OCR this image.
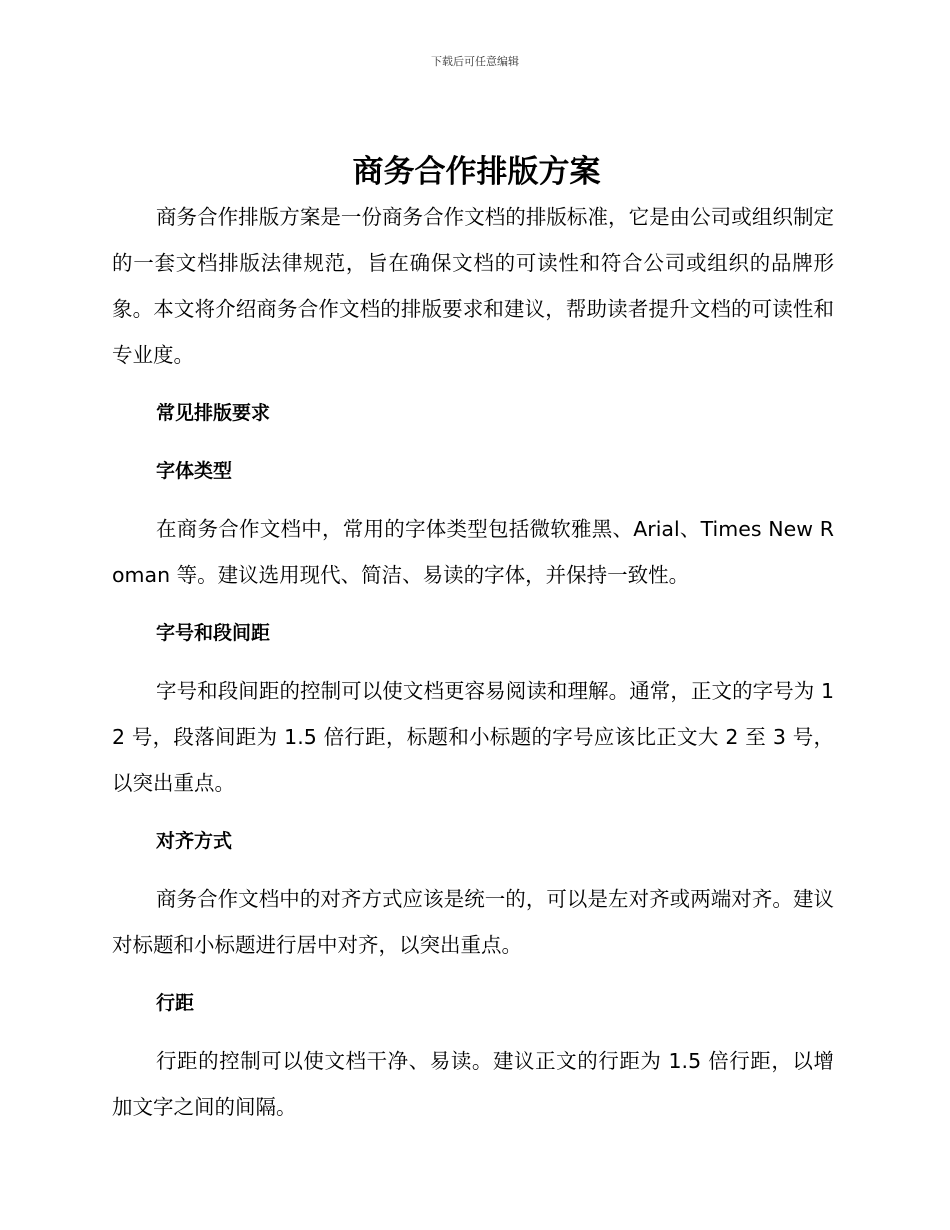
下载后可任意编辑
商务合作排版方案

商务合作排版方案是一份商务合作文档的排版标准，它是由公司或组织制定的一套文档排版法律规范，旨在确保文档的可读性和符合公司或组织的品牌形象。本文将介绍商务合作文档的排版要求和建议，帮助读者提升文档的可读性和专业度。

常见排版要求
字体类型

在商务合作文档中，常用的字体类型包括微软雅黑、Arial、Times New Roman 等。建议选用现代、简洁、易读的字体，并保持一致性。

字号和段间距

字号和段间距的控制可以使文档更容易阅读和理解。通常，正文的字号为 12 号，段落间距为 1.5 倍行距，标题和小标题的字号应该比正文大 2 至 3 号，以突出重点。

对齐方式

商务合作文档中的对齐方式应该是统一的，可以是左对齐或两端对齐。建议对标题和小标题进行居中对齐，以突出重点。

行距

行距的控制可以使文档干净、易读。建议正文的行距为 1.5 倍行距，以增加文字之间的间隔。
